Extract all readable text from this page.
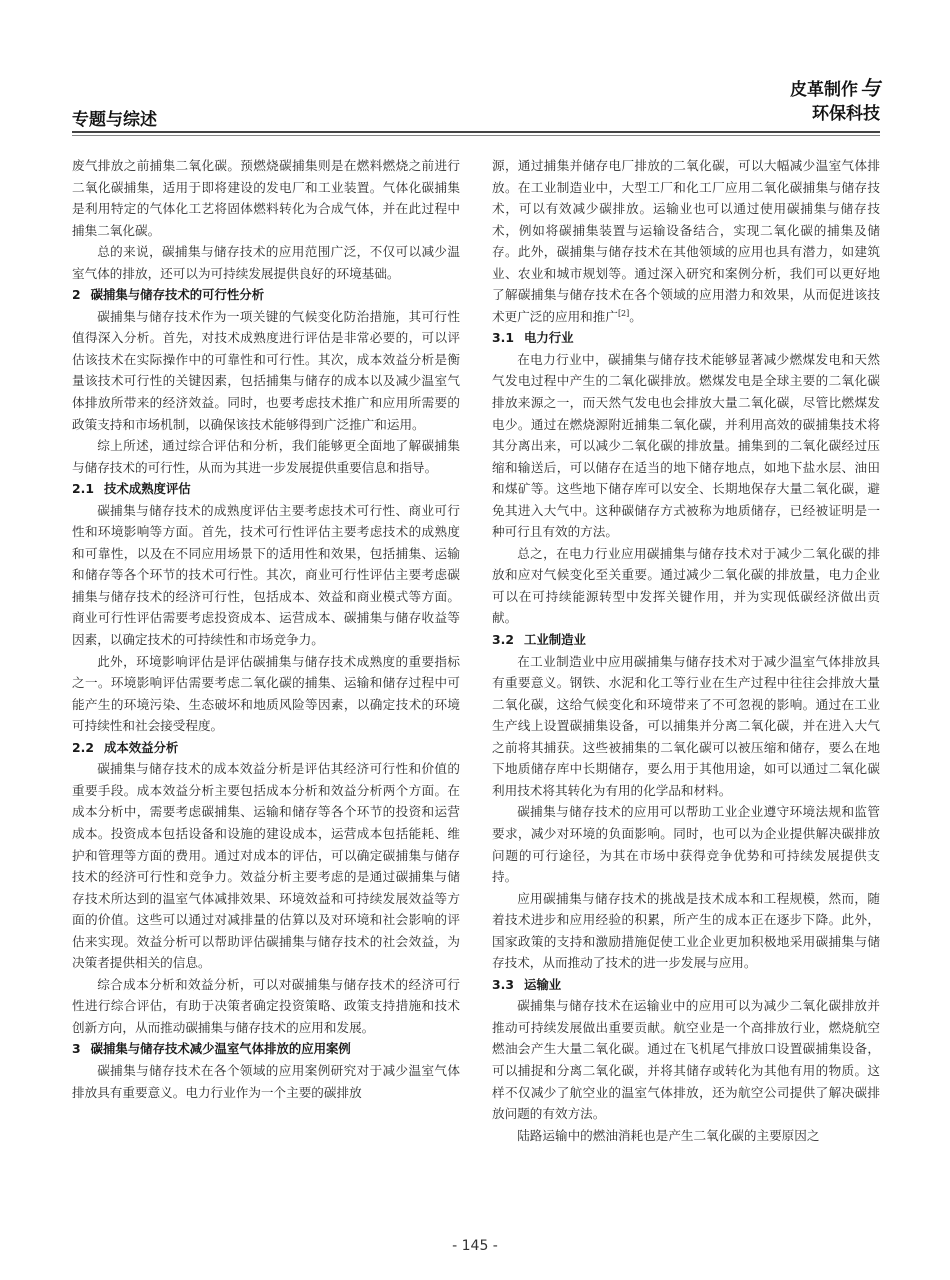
专题与综述
皮革制作 与
环保科技

废气排放之前捕集二氧化碳。预燃烧碳捕集则是在燃料燃烧之前进行二氧化碳捕集，适用于即将建设的发电厂和工业装置。气体化碳捕集是利用特定的气体化工艺将固体燃料转化为合成气体，并在此过程中捕集二氧化碳。

总的来说，碳捕集与储存技术的应用范围广泛，不仅可以减少温室气体的排放，还可以为可持续发展提供良好的环境基础。

2 碳捕集与储存技术的可行性分析

碳捕集与储存技术作为一项关键的气候变化防治措施，其可行性值得深入分析。首先，对技术成熟度进行评估是非常必要的，可以评估该技术在实际操作中的可靠性和可行性。其次，成本效益分析是衡量该技术可行性的关键因素，包括捕集与储存的成本以及减少温室气体排放所带来的经济效益。同时，也要考虑技术推广和应用所需要的政策支持和市场机制，以确保该技术能够得到广泛推广和运用。

综上所述，通过综合评估和分析，我们能够更全面地了解碳捕集与储存技术的可行性，从而为其进一步发展提供重要信息和指导。

2.1 技术成熟度评估

碳捕集与储存技术的成熟度评估主要考虑技术可行性、商业可行性和环境影响等方面。首先，技术可行性评估主要考虑技术的成熟度和可靠性，以及在不同应用场景下的适用性和效果，包括捕集、运输和储存等各个环节的技术可行性。其次，商业可行性评估主要考虑碳捕集与储存技术的经济可行性，包括成本、效益和商业模式等方面。商业可行性评估需要考虑投资成本、运营成本、碳捕集与储存收益等因素，以确定技术的可持续性和市场竞争力。

此外，环境影响评估是评估碳捕集与储存技术成熟度的重要指标之一。环境影响评估需要考虑二氧化碳的捕集、运输和储存过程中可能产生的环境污染、生态破坏和地质风险等因素，以确定技术的环境可持续性和社会接受程度。

2.2 成本效益分析

碳捕集与储存技术的成本效益分析是评估其经济可行性和价值的重要手段。成本效益分析主要包括成本分析和效益分析两个方面。在成本分析中，需要考虑碳捕集、运输和储存等各个环节的投资和运营成本。投资成本包括设备和设施的建设成本，运营成本包括能耗、维护和管理等方面的费用。通过对成本的评估，可以确定碳捕集与储存技术的经济可行性和竞争力。效益分析主要考虑的是通过碳捕集与储存技术所达到的温室气体减排效果、环境效益和可持续发展效益等方面的价值。这些可以通过对减排量的估算以及对环境和社会影响的评估来实现。效益分析可以帮助评估碳捕集与储存技术的社会效益，为决策者提供相关的信息。

综合成本分析和效益分析，可以对碳捕集与储存技术的经济可行性进行综合评估，有助于决策者确定投资策略、政策支持措施和技术创新方向，从而推动碳捕集与储存技术的应用和发展。

3 碳捕集与储存技术减少温室气体排放的应用案例

碳捕集与储存技术在各个领域的应用案例研究对于减少温室气体排放具有重要意义。电力行业作为一个主要的碳排放

源，通过捕集并储存电厂排放的二氧化碳，可以大幅减少温室气体排放。在工业制造业中，大型工厂和化工厂应用二氧化碳捕集与储存技术，可以有效减少碳排放。运输业也可以通过使用碳捕集与储存技术，例如将碳捕集装置与运输设备结合，实现二氧化碳的捕集及储存。此外，碳捕集与储存技术在其他领域的应用也具有潜力，如建筑业、农业和城市规划等。通过深入研究和案例分析，我们可以更好地了解碳捕集与储存技术在各个领域的应用潜力和效果，从而促进该技术更广泛的应用和推广[2]。

3.1 电力行业

在电力行业中，碳捕集与储存技术能够显著减少燃煤发电和天然气发电过程中产生的二氧化碳排放。燃煤发电是全球主要的二氧化碳排放来源之一，而天然气发电也会排放大量二氧化碳，尽管比燃煤发电少。通过在燃烧源附近捕集二氧化碳，并利用高效的碳捕集技术将其分离出来，可以减少二氧化碳的排放量。捕集到的二氧化碳经过压缩和输送后，可以储存在适当的地下储存地点，如地下盐水层、油田和煤矿等。这些地下储存库可以安全、长期地保存大量二氧化碳，避免其进入大气中。这种碳储存方式被称为地质储存，已经被证明是一种可行且有效的方法。

总之，在电力行业应用碳捕集与储存技术对于减少二氧化碳的排放和应对气候变化至关重要。通过减少二氧化碳的排放量，电力企业可以在可持续能源转型中发挥关键作用，并为实现低碳经济做出贡献。

3.2 工业制造业

在工业制造业中应用碳捕集与储存技术对于减少温室气体排放具有重要意义。钢铁、水泥和化工等行业在生产过程中往往会排放大量二氧化碳，这给气候变化和环境带来了不可忽视的影响。通过在工业生产线上设置碳捕集设备，可以捕集并分离二氧化碳，并在进入大气之前将其捕获。这些被捕集的二氧化碳可以被压缩和储存，要么在地下地质储存库中长期储存，要么用于其他用途，如可以通过二氧化碳利用技术将其转化为有用的化学品和材料。

碳捕集与储存技术的应用可以帮助工业企业遵守环境法规和监管要求，减少对环境的负面影响。同时，也可以为企业提供解决碳排放问题的可行途径，为其在市场中获得竞争优势和可持续发展提供支持。

应用碳捕集与储存技术的挑战是技术成本和工程规模，然而，随着技术进步和应用经验的积累，所产生的成本正在逐步下降。此外，国家政策的支持和激励措施促使工业企业更加积极地采用碳捕集与储存技术，从而推动了技术的进一步发展与应用。

3.3 运输业

碳捕集与储存技术在运输业中的应用可以为减少二氧化碳排放并推动可持续发展做出重要贡献。航空业是一个高排放行业，燃烧航空燃油会产生大量二氧化碳。通过在飞机尾气排放口设置碳捕集设备，可以捕捉和分离二氧化碳，并将其储存或转化为其他有用的物质。这样不仅减少了航空业的温室气体排放，还为航空公司提供了解决碳排放问题的有效方法。

陆路运输中的燃油消耗也是产生二氧化碳的主要原因之

- 145 -
